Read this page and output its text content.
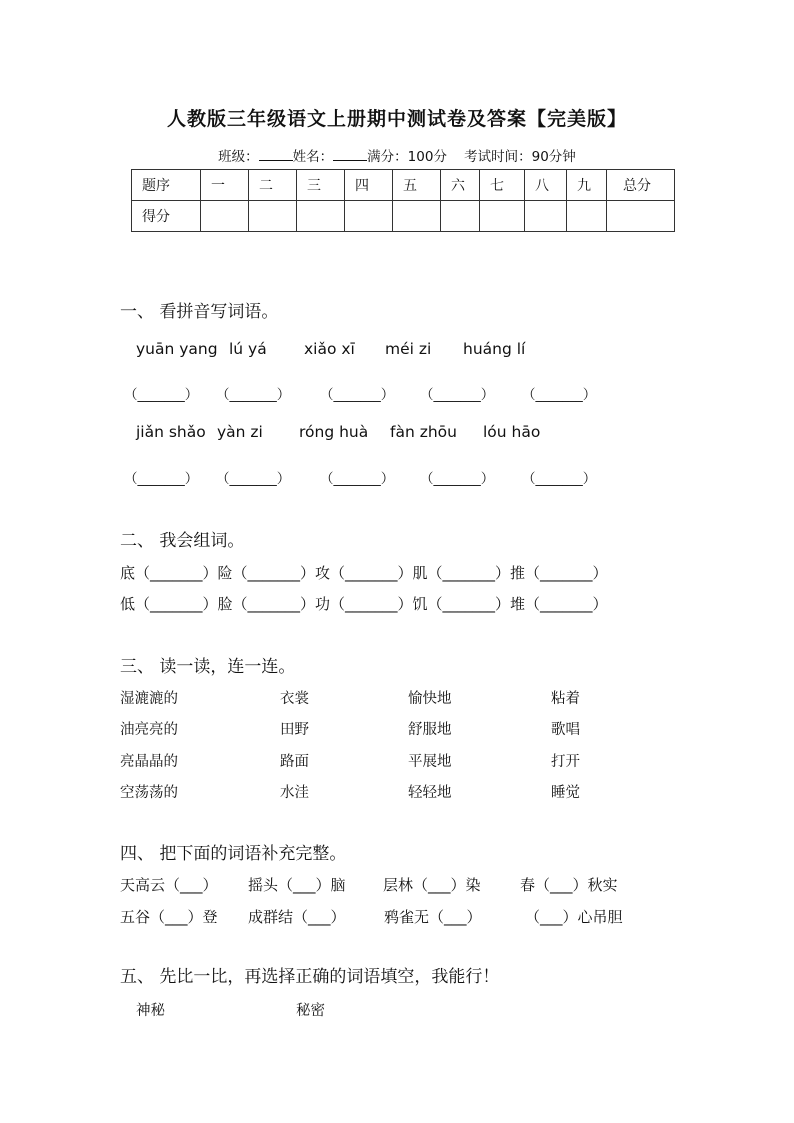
人教版三年级语文上册期中测试卷及答案【完美版】
班级：	姓名：	满分：100分 考试时间：90分钟
题序	一	二	三	四	五	六	七	八	九	总分
得分										
一、 看拼音写词语。
yuān yang lú yá xiǎo xī méi zi huáng lí
（_______） （_______） （_______） （_______） （_______）
jiǎn shǎo yàn zi róng huà fàn zhōu lóu hāo
（_______） （_______） （_______） （_______） （_______）
二、 我会组词。
底（_______）险（_______）攻（_______）肌（_______）推（_______）
低（_______）脸（_______）功（_______）饥（_______）堆（_______）
三、 读一读，连一连。
湿漉漉的	衣裳	愉快地	粘着
油亮亮的	田野	舒服地	歌唱
亮晶晶的	路面	平展地	打开
空荡荡的	水洼	轻轻地	睡觉
四、 把下面的词语补充完整。
天高云（___） 摇头（___）脑 层林（___）染	春（___）秋实
五谷（___）登 成群结（___）	鸦雀无（___）	（___）心吊胆
五、 先比一比，再选择正确的词语填空，我能行！
神秘	秘密
